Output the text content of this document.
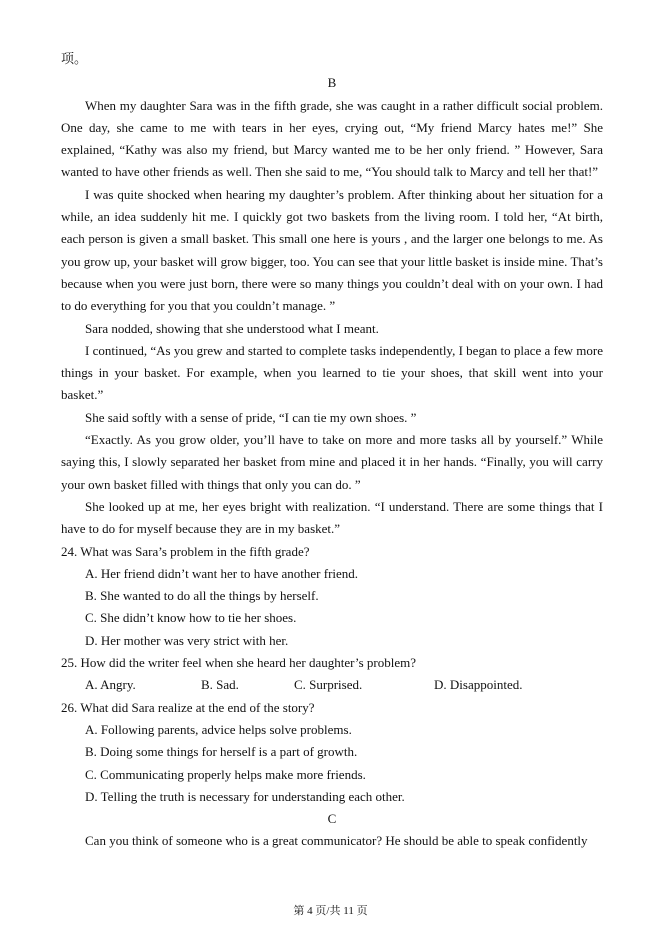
项。
B
When my daughter Sara was in the fifth grade, she was caught in a rather difficult social problem. One day, she came to me with tears in her eyes, crying out, “My friend Marcy hates me!” She explained, “Kathy was also my friend, but Marcy wanted me to be her only friend. ” However, Sara wanted to have other friends as well. Then she said to me, “You should talk to Marcy and tell her that!”
I was quite shocked when hearing my daughter’s problem. After thinking about her situation for a while, an idea suddenly hit me. I quickly got two baskets from the living room. I told her, “At birth, each person is given a small basket. This small one here is yours , and the larger one belongs to me. As you grow up, your basket will grow bigger, too. You can see that your little basket is inside mine. That’s because when you were just born, there were so many things you couldn’t deal with on your own. I had to do everything for you that you couldn’t manage. ”
Sara nodded, showing that she understood what I meant.
I continued, “As you grew and started to complete tasks independently, I began to place a few more things in your basket. For example, when you learned to tie your shoes, that skill went into your basket.”
She said softly with a sense of pride, “I can tie my own shoes. ”
“Exactly. As you grow older, you’ll have to take on more and more tasks all by yourself.” While saying this, I slowly separated her basket from mine and placed it in her hands. “Finally, you will carry your own basket filled with things that only you can do. ”
She looked up at me, her eyes bright with realization. “I understand. There are some things that I have to do for myself because they are in my basket.”
24. What was Sara’s problem in the fifth grade?
A. Her friend didn’t want her to have another friend.
B. She wanted to do all the things by herself.
C. She didn’t know how to tie her shoes.
D. Her mother was very strict with her.
25. How did the writer feel when she heard her daughter’s problem?
A. Angry.	B. Sad.	C. Surprised.	D. Disappointed.
26. What did Sara realize at the end of the story?
A. Following parents, advice helps solve problems.
B. Doing some things for herself is a part of growth.
C. Communicating properly helps make more friends.
D. Telling the truth is necessary for understanding each other.
C
Can you think of someone who is a great communicator? He should be able to speak confidently
第 4 页/共 11 页
